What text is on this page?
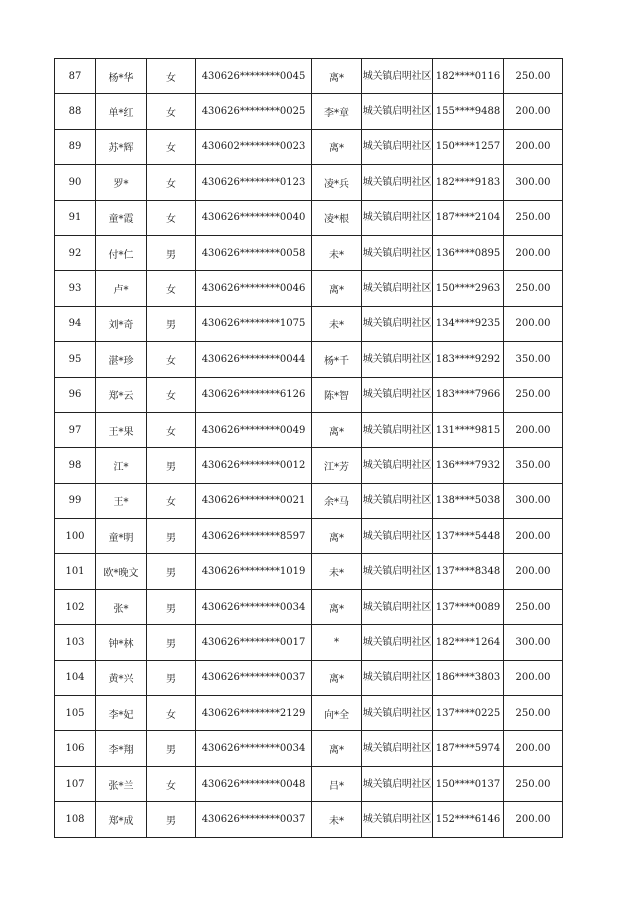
87	杨*华	女	430626********0045	离*	城关镇启明社区	182****0116	250.00
88	单*红	女	430626********0025	李*章	城关镇启明社区	155****9488	200.00
89	苏*辉	女	430602********0023	离*	城关镇启明社区	150****1257	200.00
90	罗*	女	430626********0123	凌*兵	城关镇启明社区	182****9183	300.00
91	童*霞	女	430626********0040	凌*根	城关镇启明社区	187****2104	250.00
92	付*仁	男	430626********0058	未*	城关镇启明社区	136****0895	200.00
93	卢*	女	430626********0046	离*	城关镇启明社区	150****2963	250.00
94	刘*奇	男	430626********1075	未*	城关镇启明社区	134****9235	200.00
95	湛*珍	女	430626********0044	杨*千	城关镇启明社区	183****9292	350.00
96	郑*云	女	430626********6126	陈*智	城关镇启明社区	183****7966	250.00
97	王*果	女	430626********0049	离*	城关镇启明社区	131****9815	200.00
98	江*	男	430626********0012	江*芳	城关镇启明社区	136****7932	350.00
99	王*	女	430626********0021	余*马	城关镇启明社区	138****5038	300.00
100	童*明	男	430626********8597	离*	城关镇启明社区	137****5448	200.00
101	欧*晚文	男	430626********1019	未*	城关镇启明社区	137****8348	200.00
102	张*	男	430626********0034	离*	城关镇启明社区	137****0089	250.00
103	钟*林	男	430626********0017	*	城关镇启明社区	182****1264	300.00
104	黄*兴	男	430626********0037	离*	城关镇启明社区	186****3803	200.00
105	李*妃	女	430626********2129	向*全	城关镇启明社区	137****0225	250.00
106	李*翔	男	430626********0034	离*	城关镇启明社区	187****5974	200.00
107	张*兰	女	430626********0048	吕*	城关镇启明社区	150****0137	250.00
108	郑*成	男	430626********0037	未*	城关镇启明社区	152****6146	200.00
